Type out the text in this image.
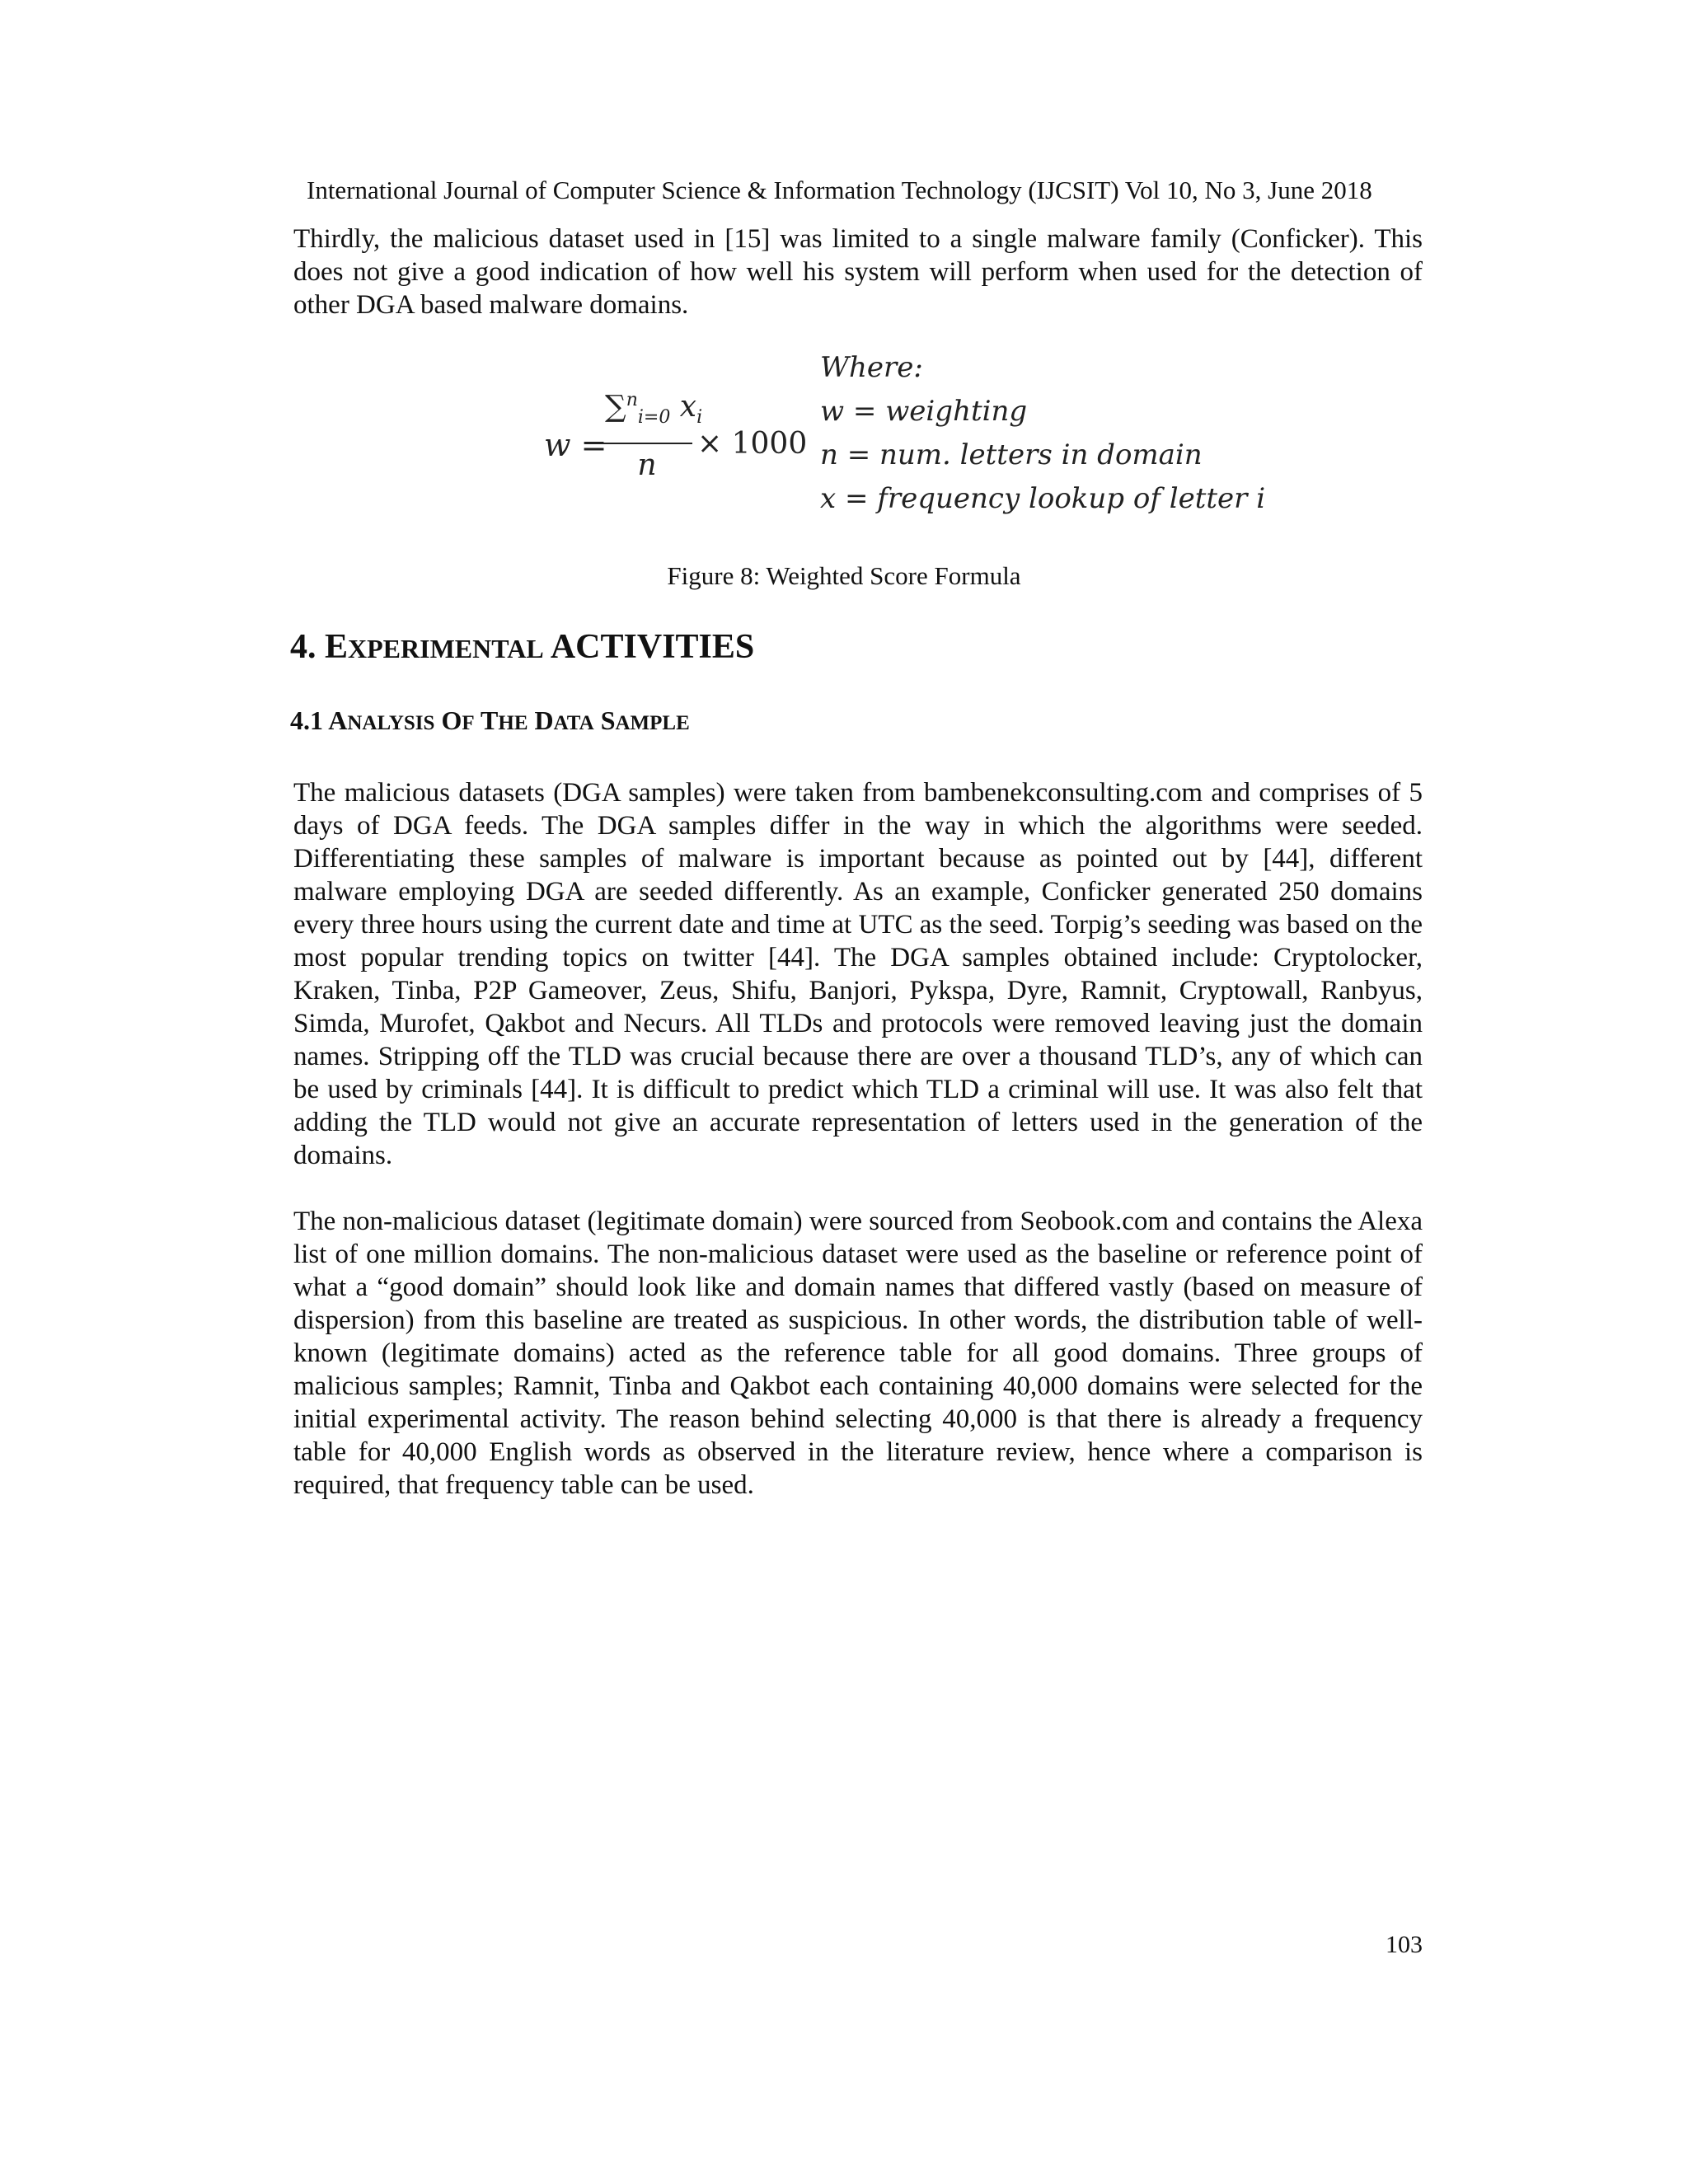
International Journal of Computer Science & Information Technology (IJCSIT) Vol 10, No 3, June 2018

Thirdly, the malicious dataset used in [15] was limited to a single malware family (Conficker). This does not give a good indication of how well his system will perform when used for the detection of other DGA based malware domains.

w =
$\frac{\sum^n_{i=0} x_i}{n} \times 1000$
Where:
w = weighting
n = num. letters in domain
x = frequency lookup of letter i
Figure 8: Weighted Score Formula
4. EXPERIMENTAL ACTIVITIES
4.1 ANALYSIS OF THE DATA SAMPLE

The malicious datasets (DGA samples) were taken from bambenekconsulting.com and comprises of 5 days of DGA feeds. The DGA samples differ in the way in which the algorithms were seeded. Differentiating these samples of malware is important because as pointed out by [44], different malware employing DGA are seeded differently. As an example, Conficker generated 250 domains every three hours using the current date and time at UTC as the seed. Torpig’s seeding was based on the most popular trending topics on twitter [44]. The DGA samples obtained include: Cryptolocker, Kraken, Tinba, P2P Gameover, Zeus, Shifu, Banjori, Pykspa, Dyre, Ramnit, Cryptowall, Ranbyus, Simda, Murofet, Qakbot and Necurs. All TLDs and protocols were removed leaving just the domain names. Stripping off the TLD was crucial because there are over a thousand TLD’s, any of which can be used by criminals [44]. It is difficult to predict which TLD a criminal will use. It was also felt that adding the TLD would not give an accurate representation of letters used in the generation of the domains.

The non-malicious dataset (legitimate domain) were sourced from Seobook.com and contains the Alexa list of one million domains. The non-malicious dataset were used as the baseline or reference point of what a “good domain” should look like and domain names that differed vastly (based on measure of dispersion) from this baseline are treated as suspicious. In other words, the distribution table of well-known (legitimate domains) acted as the reference table for all good domains. Three groups of malicious samples; Ramnit, Tinba and Qakbot each containing 40,000 domains were selected for the initial experimental activity. The reason behind selecting 40,000 is that there is already a frequency table for 40,000 English words as observed in the literature review, hence where a comparison is required, that frequency table can be used.

103
